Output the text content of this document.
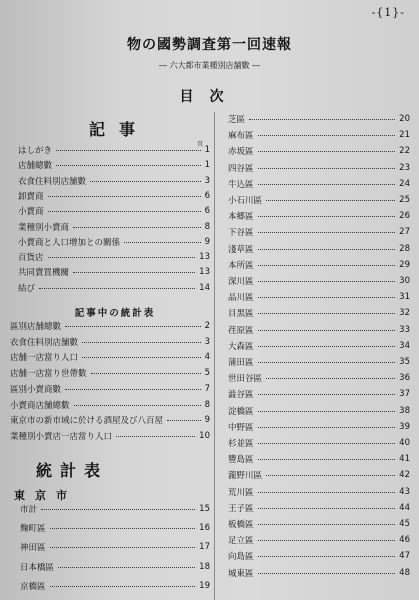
-{1}-
物の國勢調査第一回速報
― 六大都市業種別店舗數 ―
目次
記事
頁
はしがき	1
店舗總數	1
衣食住料別店舗數	3
卸賣商	6
小賣商	6
業種別小賣商	8
小賣商と人口增加との關係	9
百貨店	13
共同賣買機關	13
結び	14
記事中の統計表
區別店舗總數	2
衣食住料別店舗數	3
店舗一店當り人口	4
店舗一店當り世帶數	5
區別小賣商數	7
小賣商店舗總數	8
東京市の新市域に於ける酒屋及び八百屋	9
業種別小賣店一店當り人口	10
統計表
東京市
市計	15
麴町區	16
神田區	17
日本橋區	18
京橋區	19
芝區	20
麻布區	21
赤坂區	22
四谷區	23
牛込區	24
小石川區	25
本郷區	26
下谷區	27
淺草區	28
本所區	29
深川區	30
品川區	31
目黑區	32
荏原區	33
大森區	34
蒲田區	35
世田谷區	36
澁谷區	37
淀橋區	38
中野區	39
杉並區	40
豐島區	41
瀧野川區	42
荒川區	43
王子區	44
板橋區	45
足立區	46
向島區	47
城東區	48
